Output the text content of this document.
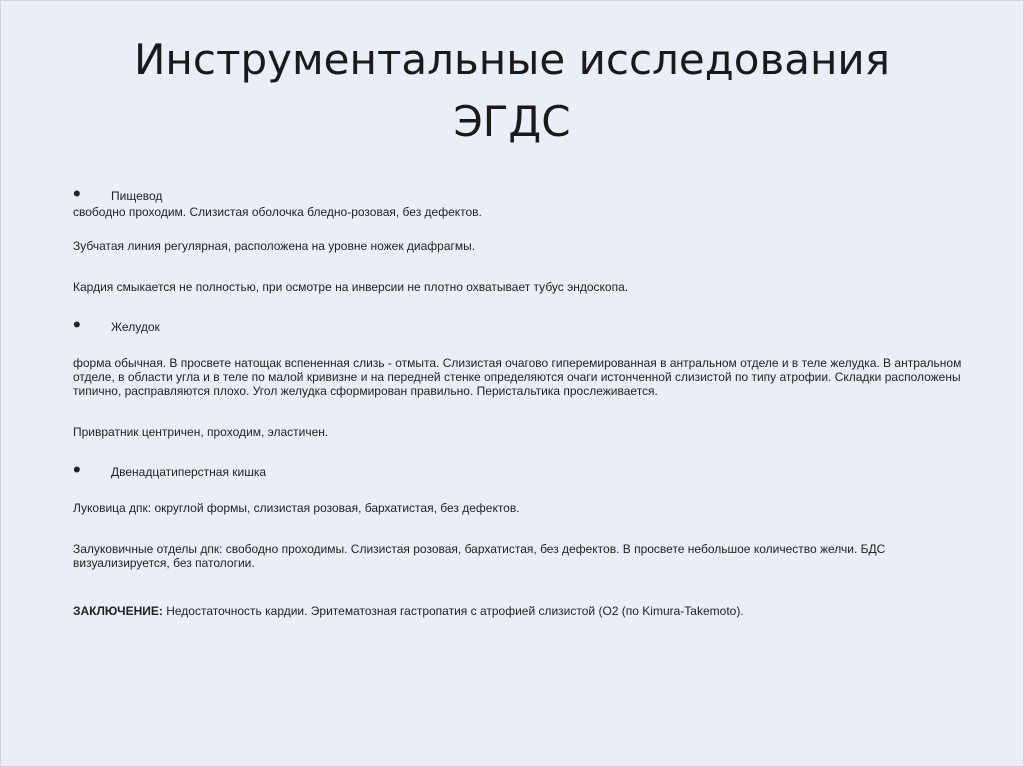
Инструментальные исследования
ЭГДС
•	Пищевод

свободно проходим. Слизистая оболочка бледно-розовая, без дефектов.

Зубчатая линия регулярная, расположена на уровне ножек диафрагмы.

Кардия смыкается не полностью, при осмотре на инверсии не плотно охватывает тубус эндоскопа.

•	Желудок

форма обычная. В просвете натощак вспененная слизь - отмыта. Слизистая очагово гиперемированная в антральном отделе и в теле желудка. В антральном отделе, в области угла и в теле по малой кривизне и на передней стенке определяются очаги истонченной слизистой по типу атрофии. Складки расположены типично, расправляются плохо. Угол желудка сформирован правильно. Перистальтика прослеживается.

Привратник центричен, проходим, эластичен.

•	Двенадцатиперстная кишка

Луковица дпк: округлой формы, слизистая розовая, бархатистая, без дефектов.

Залуковичные отделы дпк: свободно проходимы. Слизистая розовая, бархатистая, без дефектов. В просвете небольшое количество желчи. БДС визуализируется, без патологии.

ЗАКЛЮЧЕНИЕ: Недостаточность кардии. Эритематозная гастропатия с атрофией слизистой (О2 (по Kimura-Takemoto).
